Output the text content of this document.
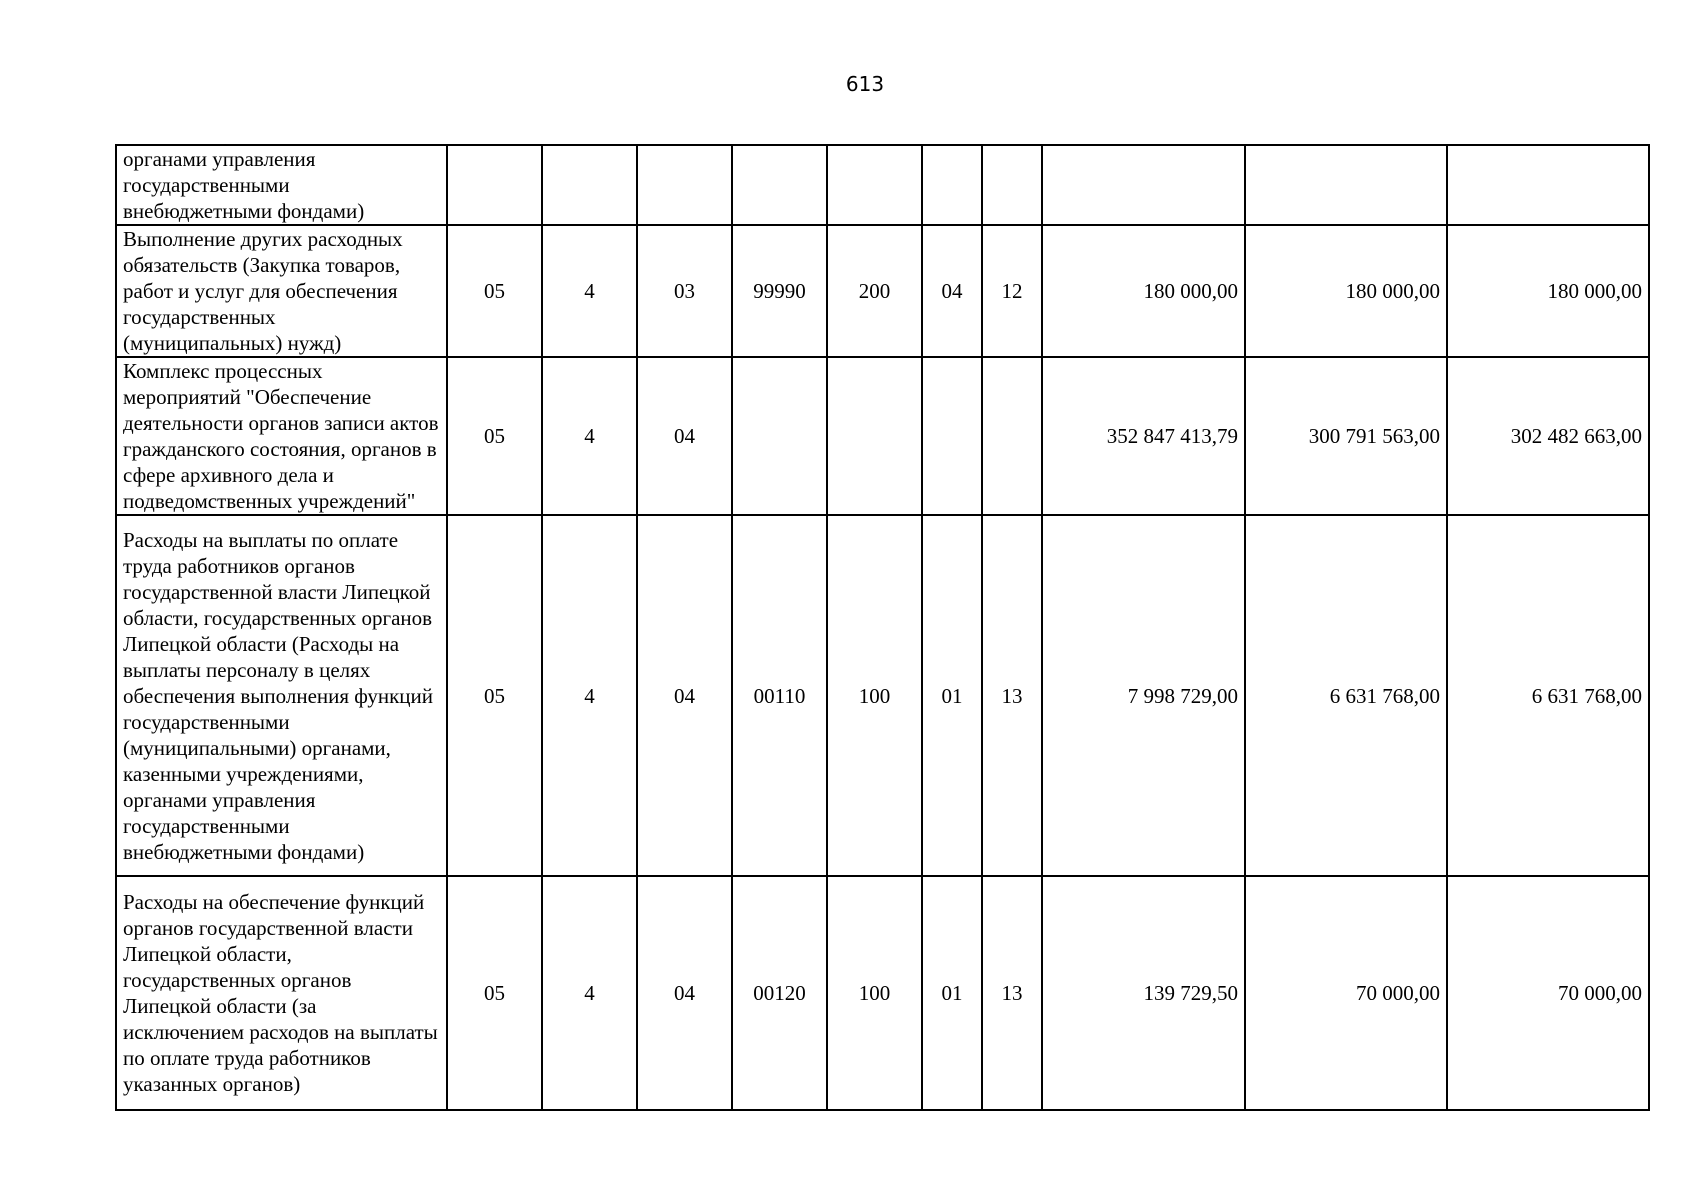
613
органами управления государственными внебюджетными фондами)										
Выполнение других расходных обязательств (Закупка товаров, работ и услуг для обеспечения государственных (муниципальных) нужд)	05	4	03	99990	200	04	12	180 000,00	180 000,00	180 000,00
Комплекс процессных мероприятий "Обеспечение деятельности органов записи актов гражданского состояния, органов в сфере архивного дела и подведомственных учреждений"	05	4	04					352 847 413,79	300 791 563,00	302 482 663,00
Расходы на выплаты по оплате труда работников органов государственной власти Липецкой области, государственных органов Липецкой области (Расходы на выплаты персоналу в целях обеспечения выполнения функций государственными (муниципальными) органами, казенными учреждениями, органами управления государственными внебюджетными фондами)	05	4	04	00110	100	01	13	7 998 729,00	6 631 768,00	6 631 768,00
Расходы на обеспечение функций органов государственной власти Липецкой области, государственных органов Липецкой области (за исключением расходов на выплаты по оплате труда работников указанных органов)	05	4	04	00120	100	01	13	139 729,50	70 000,00	70 000,00
